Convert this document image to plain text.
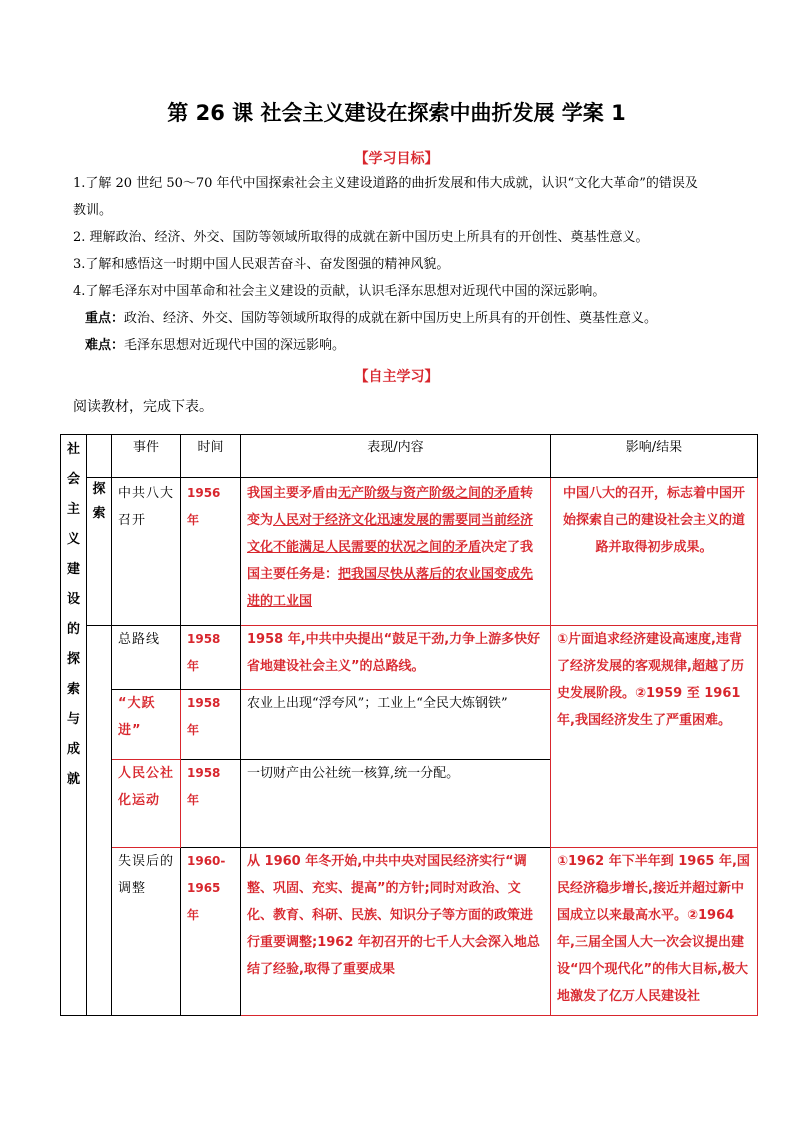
第 26 课 社会主义建设在探索中曲折发展 学案 1
【学习目标】
1.了解 20 世纪 50～70 年代中国探索社会主义建设道路的曲折发展和伟大成就，认识“文化大革命”的错误及
教训。
2. 理解政治、经济、外交、国防等领域所取得的成就在新中国历史上所具有的开创性、奠基性意义。
3.了解和感悟这一时期中国人民艰苦奋斗、奋发图强的精神风貌。
4.了解毛泽东对中国革命和社会主义建设的贡献，认识毛泽东思想对近现代中国的深远影响。
重点：政治、经济、外交、国防等领域所取得的成就在新中国历史上所具有的开创性、奠基性意义。
难点：毛泽东思想对近现代中国的深远影响。
【自主学习】
阅读教材，完成下表。
社会主义建设的探索与成就		事件	时间	表现/内容	影响/结果
	探索	中共八大召开	1956 年	我国主要矛盾由无产阶级与资产阶级之间的矛盾转变为人民对于经济文化迅速发展的需要同当前经济文化不能满足人民需要的状况之间的矛盾决定了我国主要任务是：把我国尽快从落后的农业国变成先进的工业国	中国八大的召开，标志着中国开始探索自己的建设社会主义的道路并取得初步成果。
		总路线	1958 年	1958 年,中共中央提出“鼓足干劲,力争上游多快好省地建设社会主义”的总路线。	①片面追求经济建设高速度,违背了经济发展的客观规律,超越了历史发展阶段。②1959 至 1961 年,我国经济发生了严重困难。
		“大跃进”	1958 年	农业上出现“浮夸风”；工业上“全民大炼钢铁”	
		人民公社化运动	1958 年	一切财产由公社统一核算,统一分配。	
		失误后的调整	1960-1965 年	从 1960 年冬开始,中共中央对国民经济实行“调整、巩固、充实、提高”的方针;同时对政治、文化、教育、科研、民族、知识分子等方面的政策进行重要调整;1962 年初召开的七千人大会深入地总结了经验,取得了重要成果	①1962 年下半年到 1965 年,国民经济稳步增长,接近并超过新中国成立以来最高水平。②1964 年,三届全国人大一次会议提出建设“四个现代化”的伟大目标,极大地激发了亿万人民建设社
